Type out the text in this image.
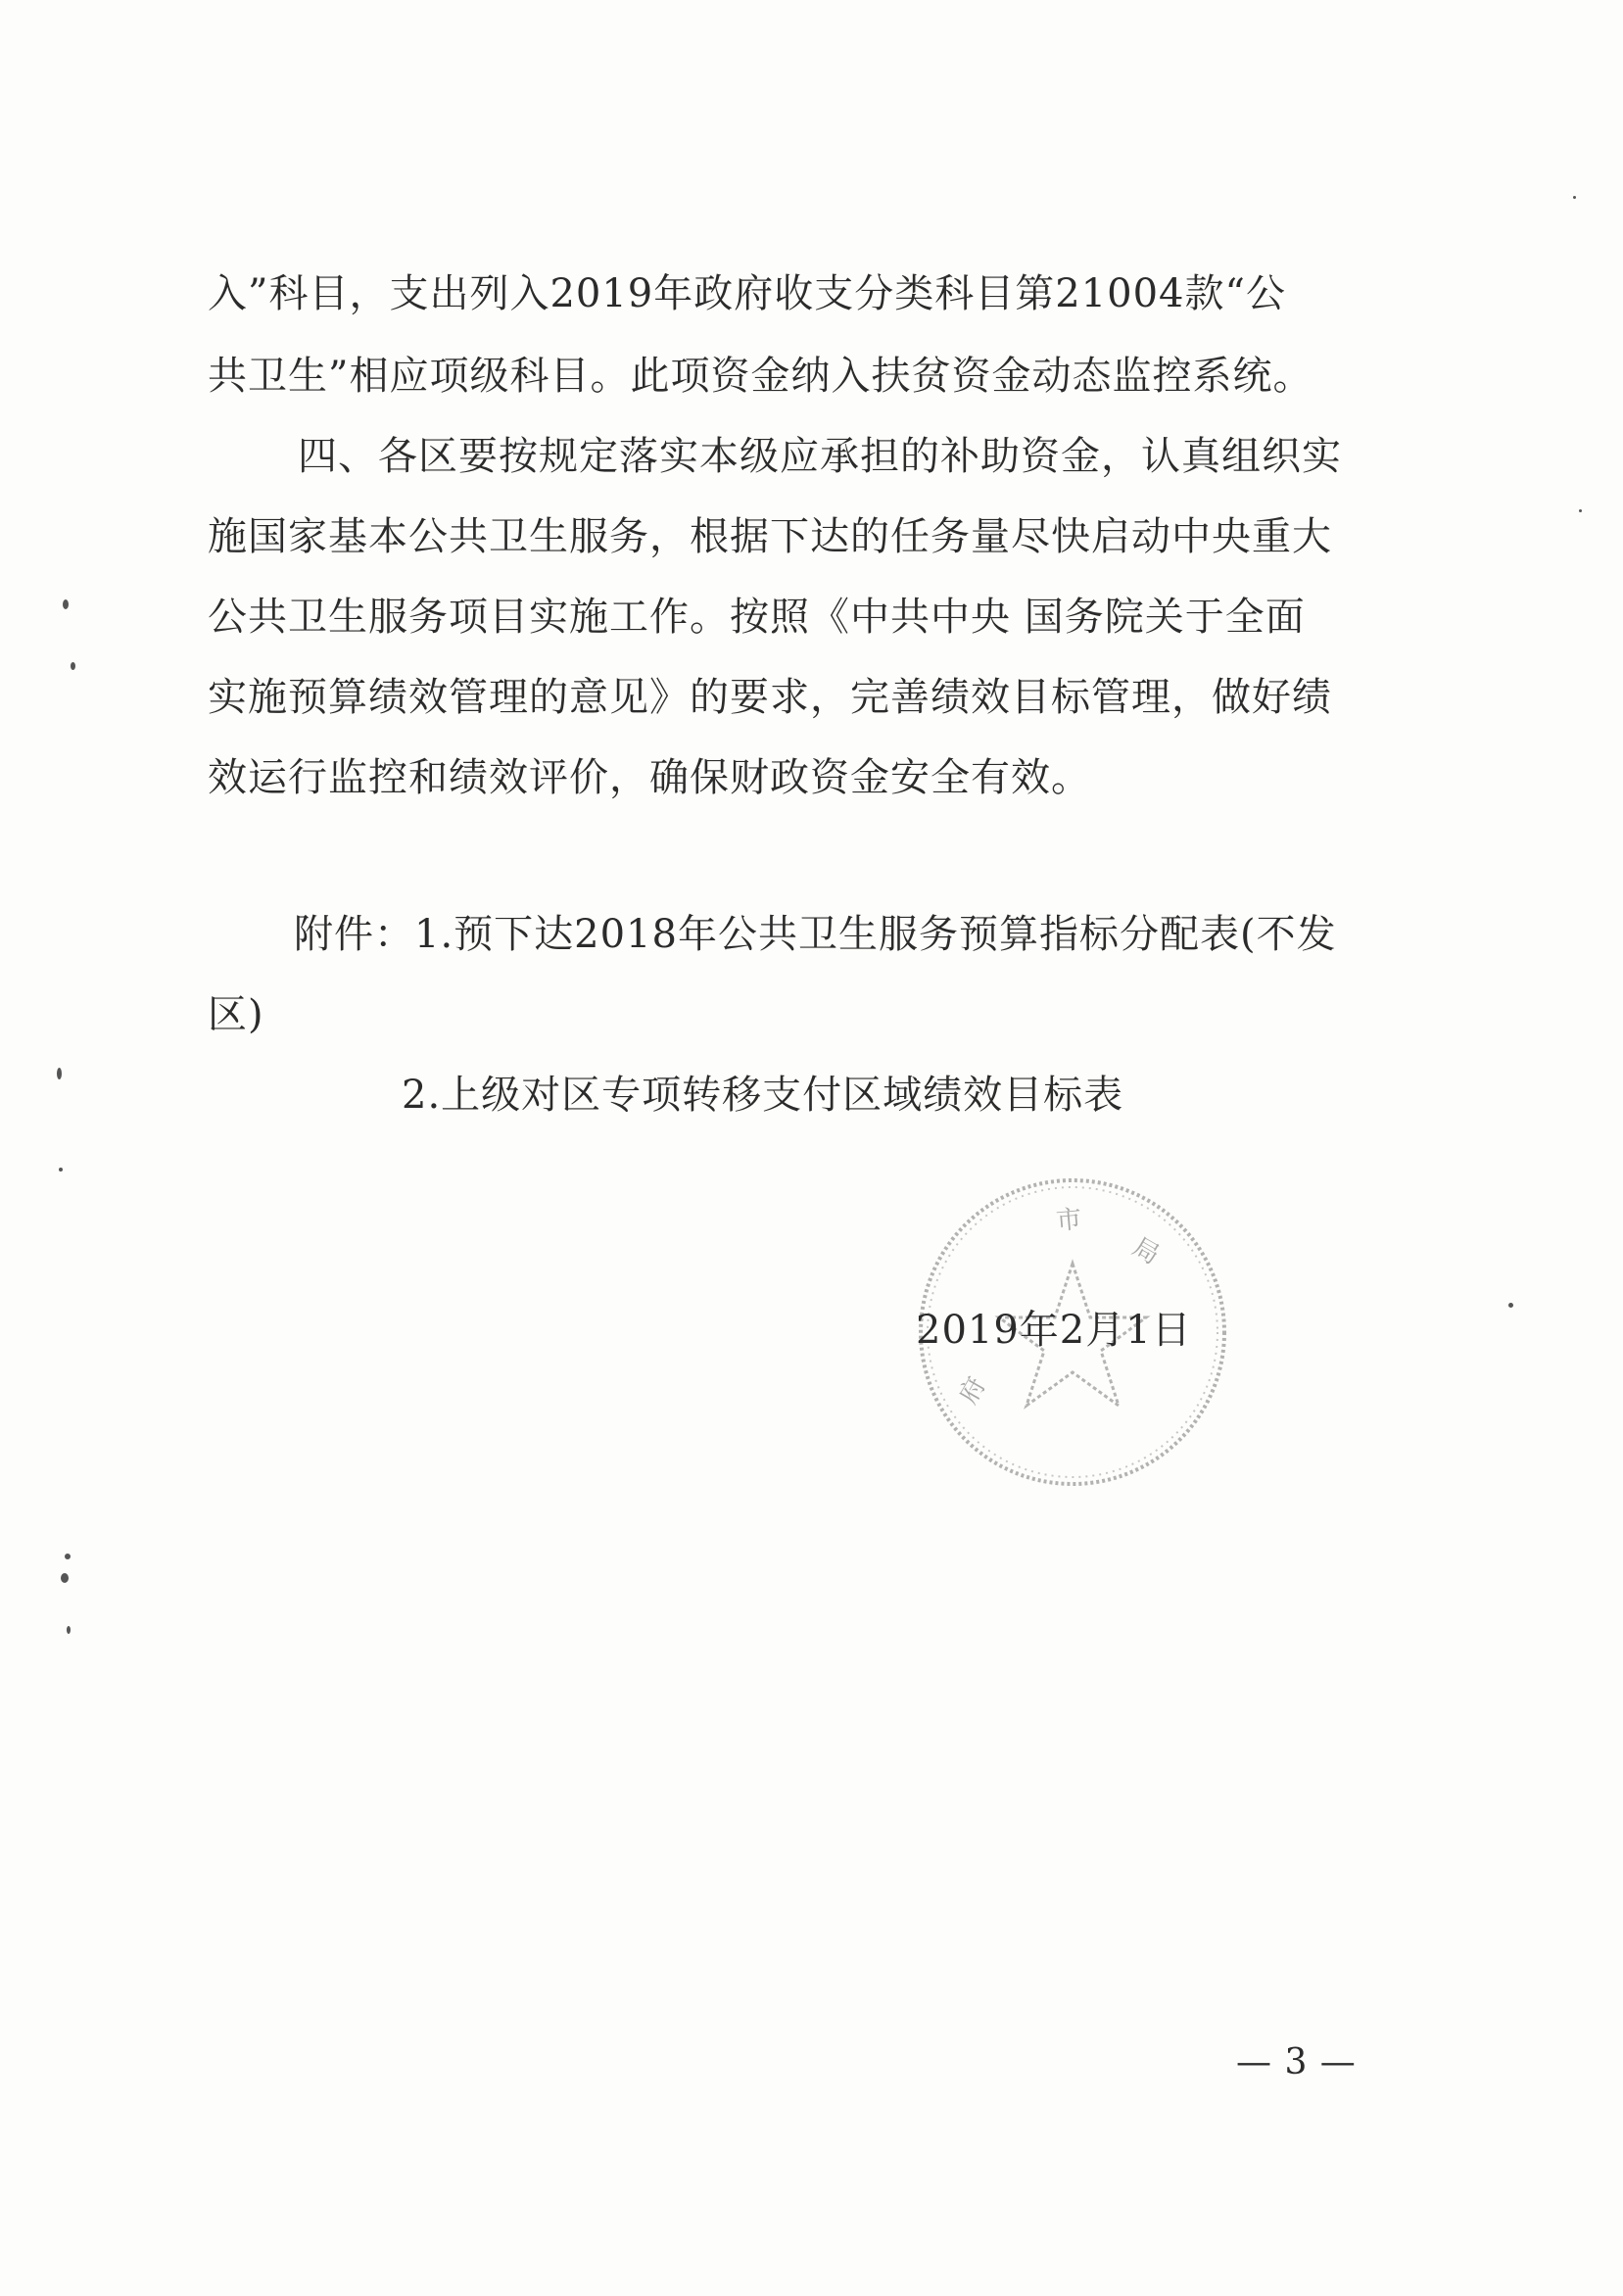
入”科目，支出列入2019年政府收支分类科目第21004款“公
共卫生”相应项级科目。此项资金纳入扶贫资金动态监控系统。
四、各区要按规定落实本级应承担的补助资金，认真组织实
施国家基本公共卫生服务，根据下达的任务量尽快启动中央重大
公共卫生服务项目实施工作。按照《中共中央 国务院关于全面
实施预算绩效管理的意见》的要求，完善绩效目标管理，做好绩
效运行监控和绩效评价，确保财政资金安全有效。
附件：1.预下达2018年公共卫生服务预算指标分配表(不发
区)
2.上级对区专项转移支付区域绩效目标表
市
局
府
2019年2月1日
— 3 —
